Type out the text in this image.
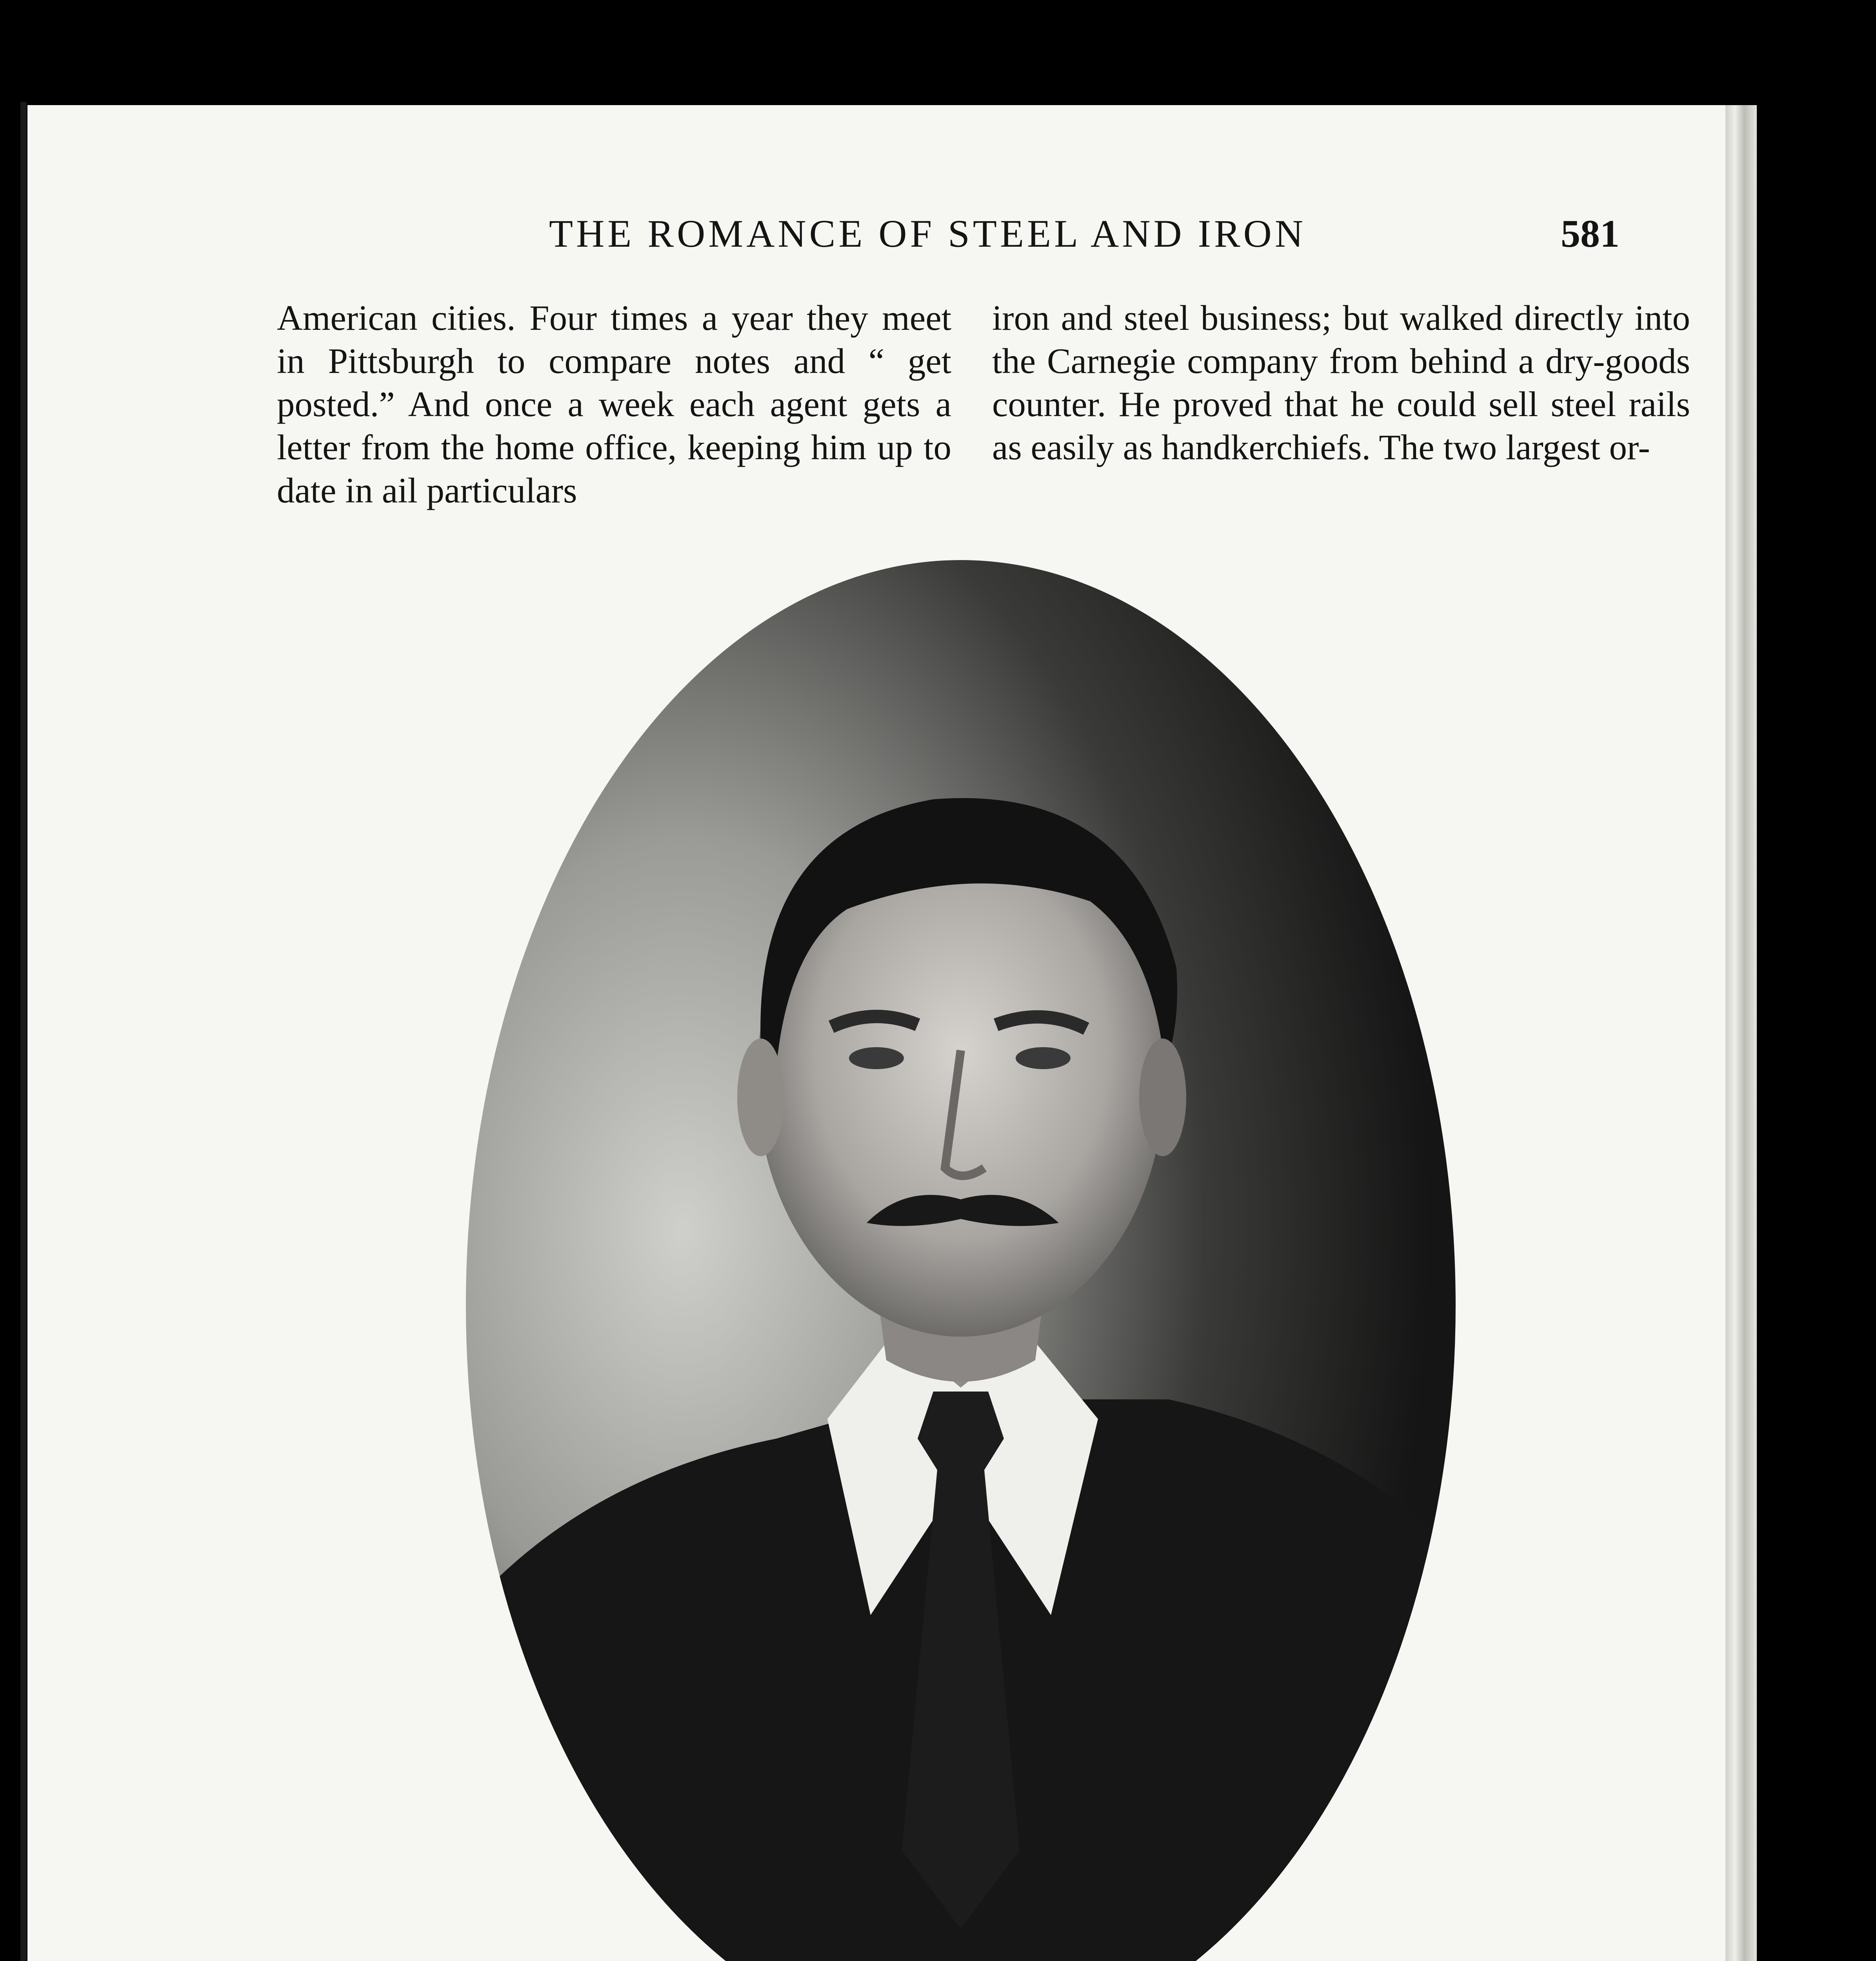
THE ROMANCE OF STEEL AND IRON	581

American cities. Four times a year they meet in Pittsburgh to compare notes and “ get posted.” And once a week each agent gets a letter from the home office, keeping him up to date in ail particulars

iron and steel business; but walked directly into the Carnegie company from behind a dry-goods counter. He proved that he could sell steel rails as easily as handkerchiefs. The two largest or-
